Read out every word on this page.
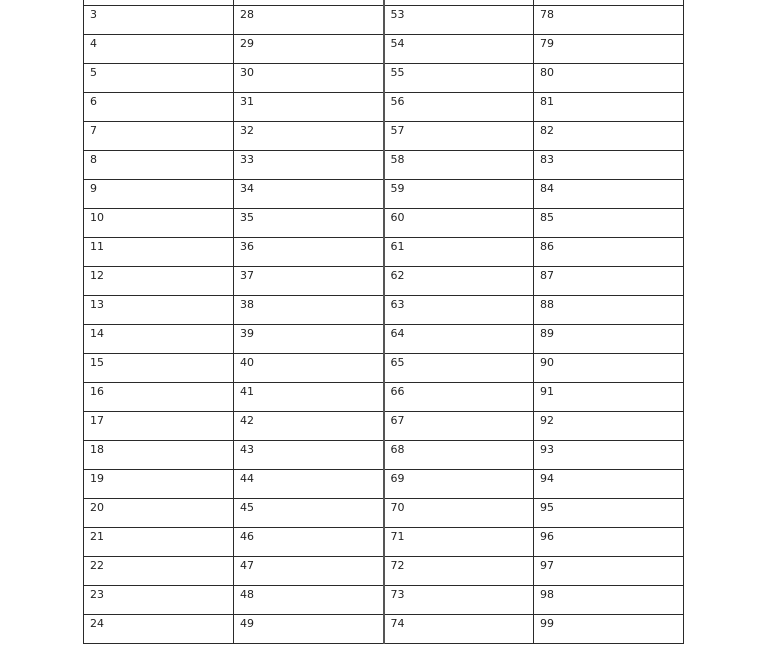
3	28	53	78

4	29	54	79

5	30	55	80

6	31	56	81

7	32	57	82

8	33	58	83

9	34	59	84

10	35	60	85

11	36	61	86

12	37	62	87

13	38	63	88

14	39	64	89

15	40	65	90

16	41	66	91

17	42	67	92

18	43	68	93

19	44	69	94

20	45	70	95

21	46	71	96

22	47	72	97

23	48	73	98

24	49	74	99
